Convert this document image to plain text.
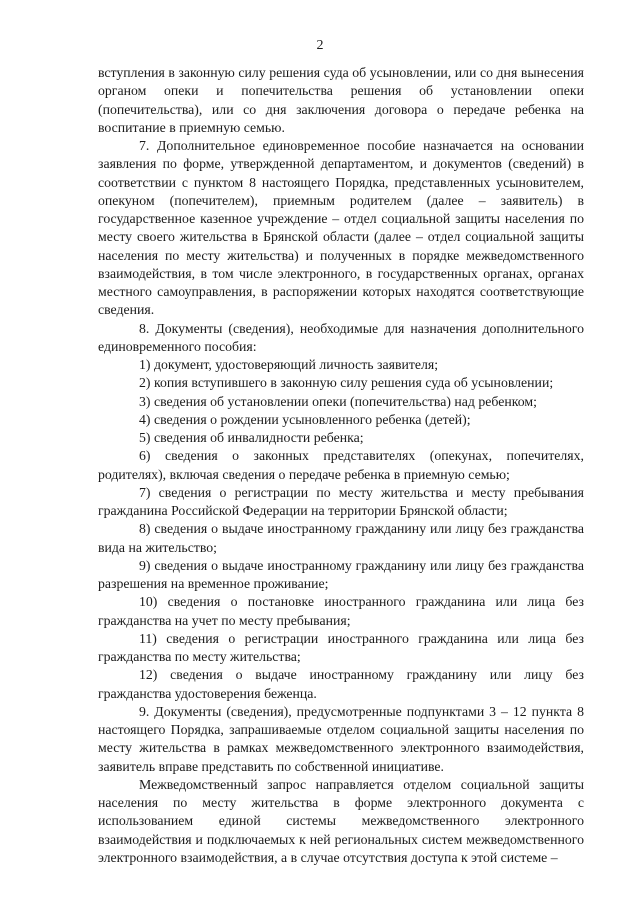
2

вступления в законную силу решения суда об усыновлении, или со дня вынесения органом опеки и попечительства решения об установлении опеки (попечительства), или со дня заключения договора о передаче ребенка на воспитание в приемную семью.

7. Дополнительное единовременное пособие назначается на основании заявления по форме, утвержденной департаментом, и документов (сведений) в соответствии с пунктом 8 настоящего Порядка, представленных усыновителем, опекуном (попечителем), приемным родителем (далее – заявитель) в государственное казенное учреждение – отдел социальной защиты населения по месту своего жительства в Брянской области (далее – отдел социальной защиты населения по месту жительства) и полученных в порядке межведомственного взаимодействия, в том числе электронного, в государственных органах, органах местного самоуправления, в распоряжении которых находятся соответствующие сведения.

8. Документы (сведения), необходимые для назначения дополнительного единовременного пособия:

1) документ, удостоверяющий личность заявителя;

2) копия вступившего в законную силу решения суда об усыновлении;

3) сведения об установлении опеки (попечительства) над ребенком;

4) сведения о рождении усыновленного ребенка (детей);

5) сведения об инвалидности ребенка;

6) сведения о законных представителях (опекунах, попечителях, родителях), включая сведения о передаче ребенка в приемную семью;

7) сведения о регистрации по месту жительства и месту пребывания гражданина Российской Федерации на территории Брянской области;

8) сведения о выдаче иностранному гражданину или лицу без гражданства вида на жительство;

9) сведения о выдаче иностранному гражданину или лицу без гражданства разрешения на временное проживание;

10) сведения о постановке иностранного гражданина или лица без гражданства на учет по месту пребывания;

11) сведения о регистрации иностранного гражданина или лица без гражданства по месту жительства;

12) сведения о выдаче иностранному гражданину или лицу без гражданства удостоверения беженца.

9. Документы (сведения), предусмотренные подпунктами 3 – 12 пункта 8 настоящего Порядка, запрашиваемые отделом социальной защиты населения по месту жительства в рамках межведомственного электронного взаимодействия, заявитель вправе представить по собственной инициативе.

Межведомственный запрос направляется отделом социальной защиты населения по месту жительства в форме электронного документа с использованием единой системы межведомственного электронного взаимодействия и подключаемых к ней региональных систем межведомственного электронного взаимодействия, а в случае отсутствия доступа к этой системе –
